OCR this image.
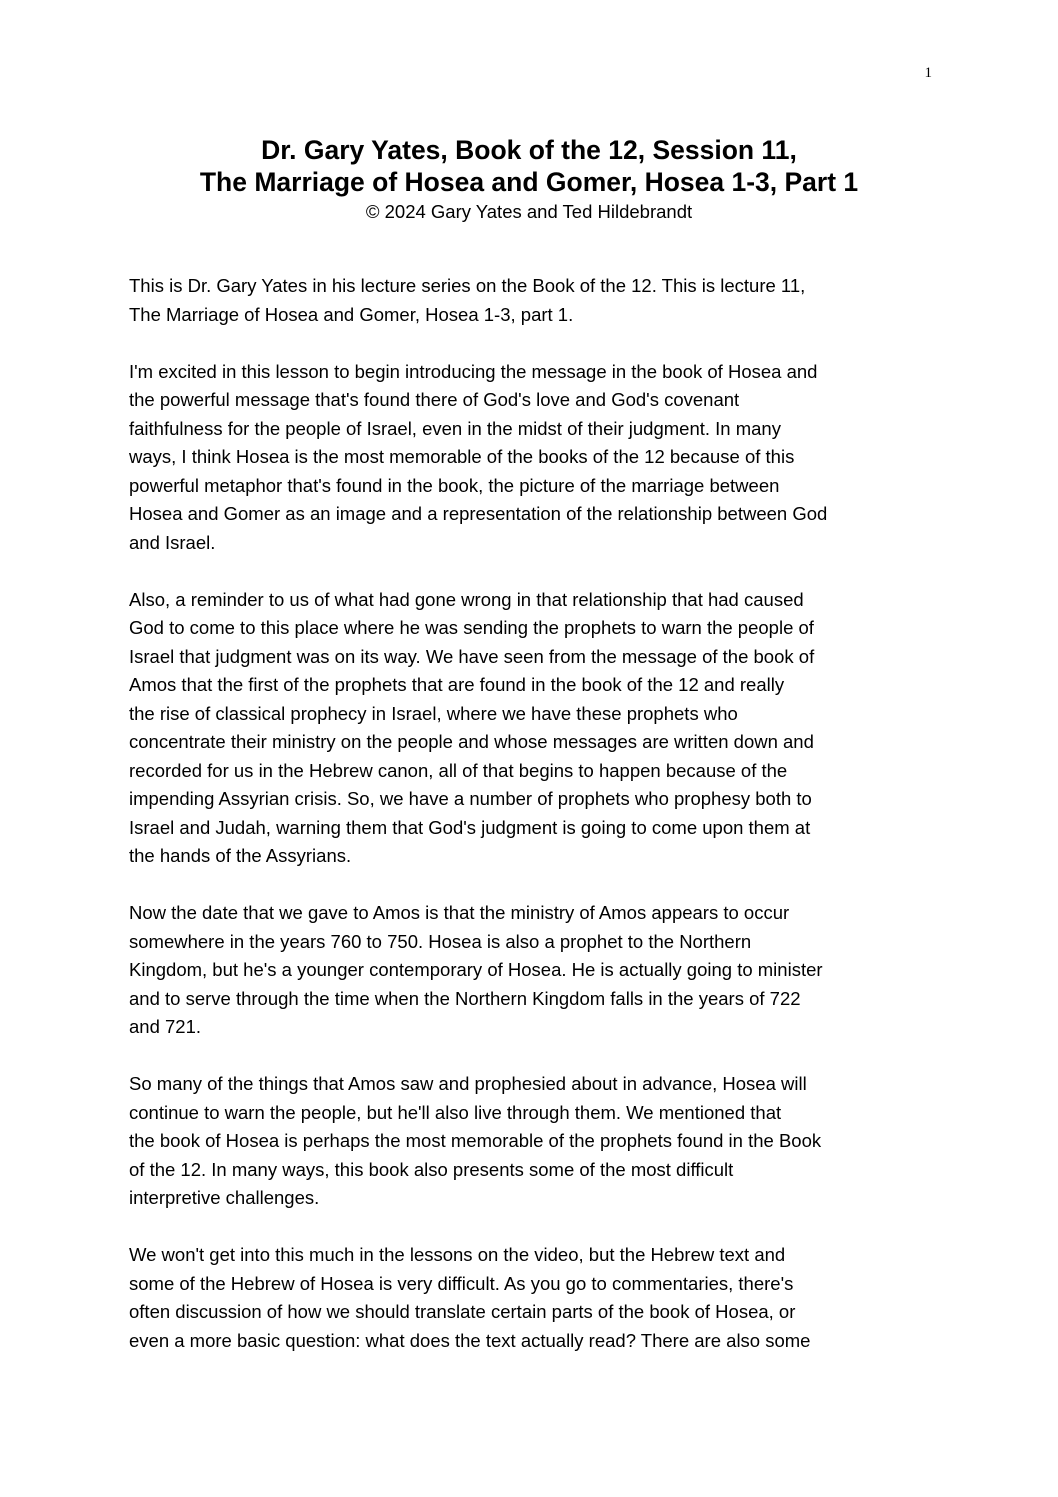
1
Dr. Gary Yates, Book of the 12, Session 11,
The Marriage of Hosea and Gomer, Hosea 1-3, Part 1
© 2024 Gary Yates and Ted Hildebrandt
This is Dr. Gary Yates in his lecture series on the Book of the 12. This is lecture 11,
The Marriage of Hosea and Gomer, Hosea 1-3, part 1.
I'm excited in this lesson to begin introducing the message in the book of Hosea and
the powerful message that's found there of God's love and God's covenant
faithfulness for the people of Israel, even in the midst of their judgment. In many
ways, I think Hosea is the most memorable of the books of the 12 because of this
powerful metaphor that's found in the book, the picture of the marriage between
Hosea and Gomer as an image and a representation of the relationship between God
and Israel.
Also, a reminder to us of what had gone wrong in that relationship that had caused
God to come to this place where he was sending the prophets to warn the people of
Israel that judgment was on its way. We have seen from the message of the book of
Amos that the first of the prophets that are found in the book of the 12 and really
the rise of classical prophecy in Israel, where we have these prophets who
concentrate their ministry on the people and whose messages are written down and
recorded for us in the Hebrew canon, all of that begins to happen because of the
impending Assyrian crisis. So, we have a number of prophets who prophesy both to
Israel and Judah, warning them that God's judgment is going to come upon them at
the hands of the Assyrians.
Now the date that we gave to Amos is that the ministry of Amos appears to occur
somewhere in the years 760 to 750. Hosea is also a prophet to the Northern
Kingdom, but he's a younger contemporary of Hosea. He is actually going to minister
and to serve through the time when the Northern Kingdom falls in the years of 722
and 721.
So many of the things that Amos saw and prophesied about in advance, Hosea will
continue to warn the people, but he'll also live through them. We mentioned that
the book of Hosea is perhaps the most memorable of the prophets found in the Book
of the 12. In many ways, this book also presents some of the most difficult
interpretive challenges.
We won't get into this much in the lessons on the video, but the Hebrew text and
some of the Hebrew of Hosea is very difficult. As you go to commentaries, there's
often discussion of how we should translate certain parts of the book of Hosea, or
even a more basic question: what does the text actually read? There are also some
